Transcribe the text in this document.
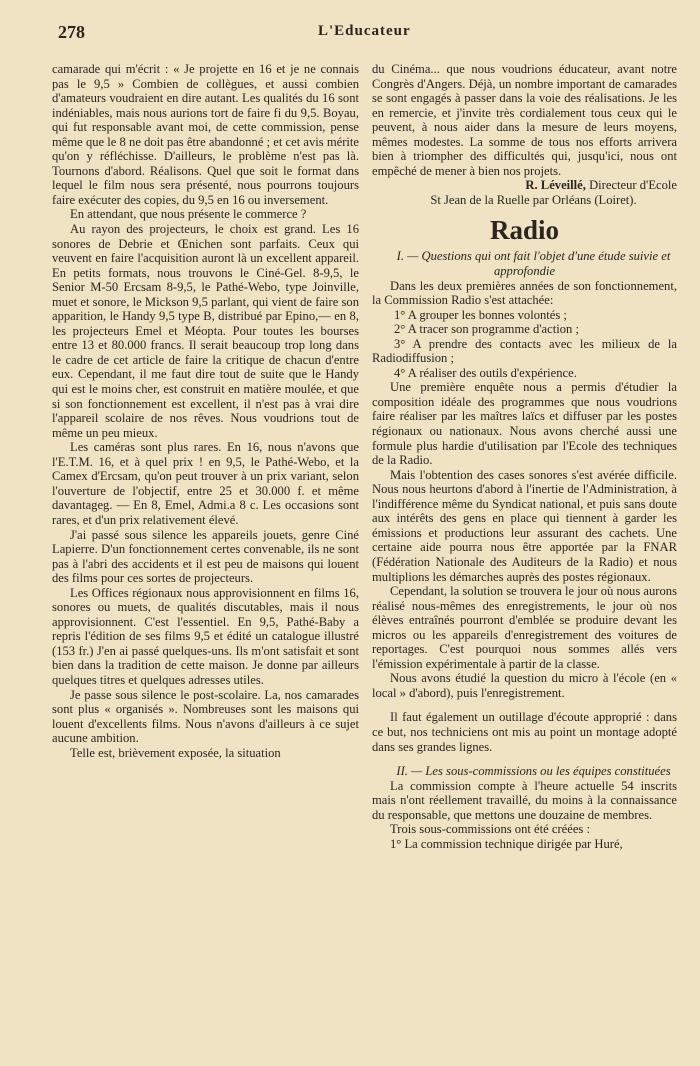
278	L'Educateur

camarade qui m'écrit : « Je projette en 16 et je ne connais pas le 9,5 » Combien de collègues, et aussi combien d'amateurs voudraient en dire autant. Les qualités du 16 sont indéniables, mais nous aurions tort de faire fi du 9,5. Boyau, qui fut responsable avant moi, de cette commission, pense même que le 8 ne doit pas être abandonné ; et cet avis mérite qu'on y réfléchisse. D'ailleurs, le problème n'est pas là. Tournons d'abord. Réalisons. Quel que soit le format dans lequel le film nous sera présenté, nous pourrons toujours faire exécuter des copies, du 9,5 en 16 ou inversement.

En attendant, que nous présente le commerce ?

Au rayon des projecteurs, le choix est grand. Les 16 sonores de Debrie et Œnichen sont parfaits. Ceux qui veuvent en faire l'acquisition auront là un excellent appareil. En petits formats, nous trouvons le Ciné-Gel. 8-9,5, le Senior M-50 Ercsam 8-9,5, le Pathé-Webo, type Joinville, muet et sonore, le Mickson 9,5 parlant, qui vient de faire son apparition, le Handy 9,5 type B, distribué par Epino,— en 8, les projecteurs Emel et Méopta. Pour toutes les bourses entre 13 et 80.000 francs. Il serait beaucoup trop long dans le cadre de cet article de faire la critique de chacun d'entre eux. Cependant, il me faut dire tout de suite que le Handy qui est le moins cher, est construit en matière moulée, et que si son fonctionnement est excellent, il n'est pas à vrai dire l'appareil scolaire de nos rêves. Nous voudrions tout de même un peu mieux.

Les caméras sont plus rares. En 16, nous n'avons que l'E.T.M. 16, et à quel prix ! en 9,5, le Pathé-Webo, et la Camex d'Ercsam, qu'on peut trouver à un prix variant, selon l'ouverture de l'objectif, entre 25 et 30.000 f. et même davantageg. — En 8, Emel, Admi.a 8 c. Les occasions sont rares, et d'un prix relativement élevé.

J'ai passé sous silence les appareils jouets, genre Ciné Lapierre. D'un fonctionnement certes convenable, ils ne sont pas à l'abri des accidents et il est peu de maisons qui louent des films pour ces sortes de projecteurs.

Les Offices régionaux nous approvisionnent en films 16, sonores ou muets, de qualités discutables, mais il nous approvisionnent. C'est l'essentiel. En 9,5, Pathé-Baby a repris l'édition de ses films 9,5 et édité un catalogue illustré (153 fr.) J'en ai passé quelques-uns. Ils m'ont satisfait et sont bien dans la tradition de cette maison. Je donne par ailleurs quelques titres et quelques adresses utiles.

Je passe sous silence le post-scolaire. La, nos camarades sont plus « organisés ». Nombreuses sont les maisons qui louent d'excellents films. Nous n'avons d'ailleurs à ce sujet aucune ambition.

Telle est, brièvement exposée, la situation

du Cinéma... que nous voudrions éducateur, avant notre Congrès d'Angers. Déjà, un nombre important de camarades se sont engagés à passer dans la voie des réalisations. Je les en remercie, et j'invite très cordialement tous ceux qui le peuvent, à nous aider dans la mesure de leurs moyens, mêmes modestes. La somme de tous nos efforts arrivera bien à triompher des difficultés qui, jusqu'ici, nous ont empêché de mener à bien nos projets.

R. Léveillé, Directeur d'Ecole

St Jean de la Ruelle par Orléans (Loiret).

Radio

I. — Questions qui ont fait l'objet d'une étude suivie et approfondie

Dans les deux premières années de son fonctionnement, la Commission Radio s'est attachée:

1° A grouper les bonnes volontés ;

2° A tracer son programme d'action ;

3° A prendre des contacts avec les milieux de la Radiodiffusion ;

4° A réaliser des outils d'expérience.

Une première enquête nous a permis d'étudier la composition idéale des programmes que nous voudrions faire réaliser par les maîtres laïcs et diffuser par les postes régionaux ou nationaux. Nous avons cherché aussi une formule plus hardie d'utilisation par l'Ecole des techniques de la Radio.

Mais l'obtention des cases sonores s'est avérée difficile. Nous nous heurtons d'abord à l'inertie de l'Administration, à l'indifférence même du Syndicat national, et puis sans doute aux intérêts des gens en place qui tiennent à garder les émissions et productions leur assurant des cachets. Une certaine aide pourra nous être apportée par la FNAR (Fédération Nationale des Auditeurs de la Radio) et nous multiplions les démarches auprès des postes régionaux.

Cependant, la solution se trouvera le jour où nous aurons réalisé nous-mêmes des enregistrements, le jour où nos élèves entraînés pourront d'emblée se produire devant les micros ou les appareils d'enregistrement des voitures de reportages. C'est pourquoi nous sommes allés vers l'émission expérimentale à partir de la classe.

Nous avons étudié la question du micro à l'école (en « local » d'abord), puis l'enregistrement.

Il faut également un outillage d'écoute approprié : dans ce but, nos techniciens ont mis au point un montage adopté dans ses grandes lignes.

II. — Les sous-commissions ou les équipes constituées

La commission compte à l'heure actuelle 54 inscrits mais n'ont réellement travaillé, du moins à la connaissance du responsable, que mettons une douzaine de membres.

Trois sous-commissions ont été créées :

1° La commission technique dirigée par Huré,
